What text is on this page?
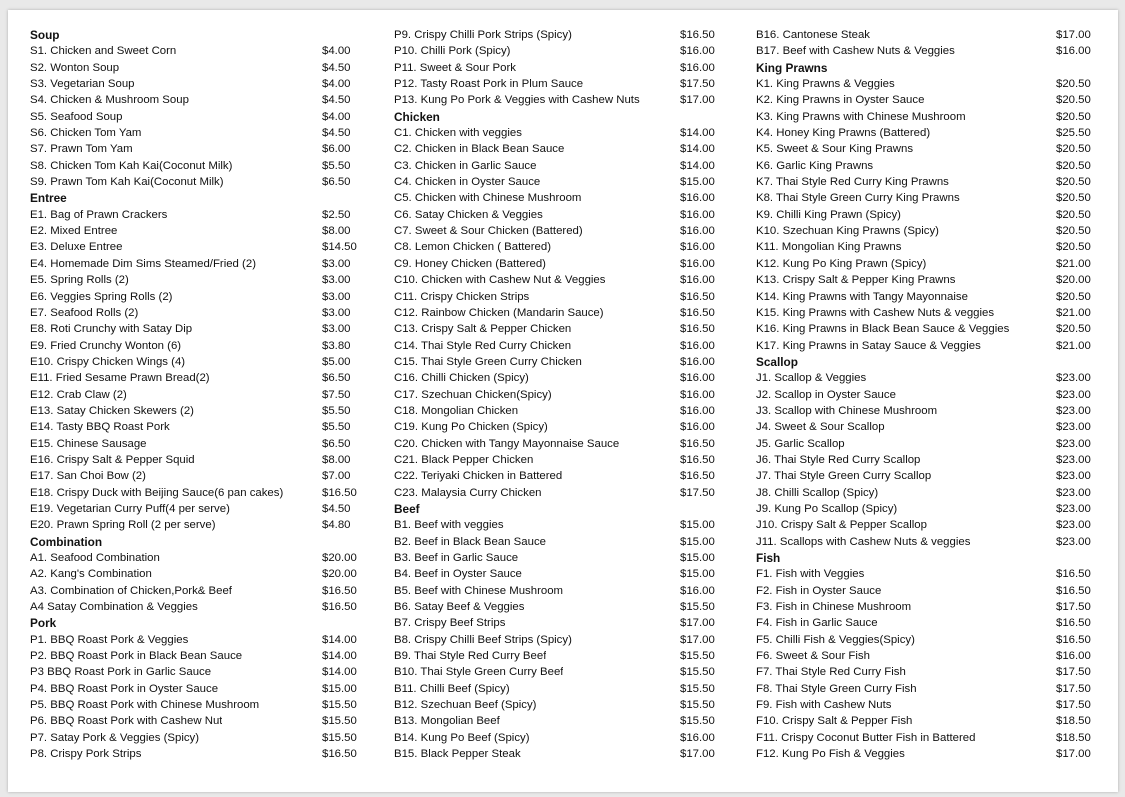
Soup
S1. Chicken and Sweet Corn	$4.00
S2. Wonton Soup	$4.50
S3. Vegetarian Soup	$4.00
S4. Chicken & Mushroom Soup	$4.50
S5. Seafood Soup	$4.00
S6. Chicken Tom Yam	$4.50
S7. Prawn Tom Yam	$6.00
S8. Chicken Tom Kah Kai(Coconut Milk)	$5.50
S9. Prawn Tom Kah Kai(Coconut Milk)	$6.50
Entree
E1. Bag of Prawn Crackers	$2.50
E2. Mixed Entree	$8.00
E3. Deluxe Entree	$14.50
E4. Homemade Dim Sims Steamed/Fried (2)	$3.00
E5. Spring Rolls (2)	$3.00
E6. Veggies Spring Rolls (2)	$3.00
E7. Seafood Rolls (2)	$3.00
E8. Roti Crunchy with Satay Dip	$3.00
E9. Fried Crunchy Wonton (6)	$3.80
E10. Crispy Chicken Wings (4)	$5.00
E11. Fried Sesame Prawn Bread(2)	$6.50
E12. Crab Claw (2)	$7.50
E13. Satay Chicken Skewers (2)	$5.50
E14. Tasty BBQ Roast Pork	$5.50
E15. Chinese Sausage	$6.50
E16. Crispy Salt & Pepper Squid	$8.00
E17. San Choi Bow (2)	$7.00
E18. Crispy Duck with Beijing Sauce(6 pan cakes)	$16.50
E19. Vegetarian Curry Puff(4 per serve)	$4.50
E20. Prawn Spring Roll (2 per serve)	$4.80
Combination
A1. Seafood Combination	$20.00
A2. Kang's Combination	$20.00
A3. Combination of Chicken,Pork& Beef	$16.50
A4 Satay Combination & Veggies	$16.50
Pork
P1. BBQ Roast Pork & Veggies	$14.00
P2. BBQ Roast Pork in Black Bean Sauce	$14.00
P3 BBQ Roast Pork in Garlic Sauce	$14.00
P4. BBQ Roast Pork in Oyster Sauce	$15.00
P5. BBQ Roast Pork with Chinese Mushroom	$15.50
P6. BBQ Roast Pork with Cashew Nut	$15.50
P7. Satay Pork & Veggies (Spicy)	$15.50
P8. Crispy Pork Strips	$16.50
P9. Crispy Chilli Pork Strips (Spicy)	$16.50
P10. Chilli Pork (Spicy)	$16.00
P11. Sweet & Sour Pork	$16.00
P12. Tasty Roast Pork in Plum Sauce	$17.50
P13. Kung Po Pork & Veggies with Cashew Nuts	$17.00
Chicken
C1. Chicken with veggies	$14.00
C2. Chicken in Black Bean Sauce	$14.00
C3. Chicken in Garlic Sauce	$14.00
C4. Chicken in Oyster Sauce	$15.00
C5. Chicken with Chinese Mushroom	$16.00
C6. Satay Chicken & Veggies	$16.00
C7. Sweet & Sour Chicken (Battered)	$16.00
C8. Lemon Chicken ( Battered)	$16.00
C9. Honey Chicken (Battered)	$16.00
C10. Chicken with Cashew Nut & Veggies	$16.00
C11. Crispy Chicken Strips	$16.50
C12. Rainbow Chicken (Mandarin Sauce)	$16.50
C13. Crispy Salt & Pepper Chicken	$16.50
C14. Thai Style Red Curry Chicken	$16.00
C15. Thai Style Green Curry Chicken	$16.00
C16. Chilli Chicken (Spicy)	$16.00
C17. Szechuan Chicken(Spicy)	$16.00
C18. Mongolian Chicken	$16.00
C19. Kung Po Chicken (Spicy)	$16.00
C20. Chicken with Tangy Mayonnaise Sauce	$16.50
C21. Black Pepper Chicken	$16.50
C22. Teriyaki Chicken in Battered	$16.50
C23. Malaysia Curry Chicken	$17.50
Beef
B1. Beef with veggies	$15.00
B2. Beef in Black Bean Sauce	$15.00
B3. Beef in Garlic Sauce	$15.00
B4. Beef in Oyster Sauce	$15.00
B5. Beef with Chinese Mushroom	$16.00
B6. Satay Beef & Veggies	$15.50
B7. Crispy Beef Strips	$17.00
B8. Crispy Chilli Beef Strips (Spicy)	$17.00
B9. Thai Style Red Curry Beef	$15.50
B10. Thai Style Green Curry Beef	$15.50
B11. Chilli Beef (Spicy)	$15.50
B12. Szechuan Beef (Spicy)	$15.50
B13. Mongolian Beef	$15.50
B14. Kung Po Beef (Spicy)	$16.00
B15. Black Pepper Steak	$17.00
B16. Cantonese Steak	$17.00
B17. Beef with Cashew Nuts & Veggies	$16.00
King Prawns
K1. King Prawns & Veggies	$20.50
K2. King Prawns in Oyster Sauce	$20.50
K3. King Prawns with Chinese Mushroom	$20.50
K4. Honey King Prawns (Battered)	$25.50
K5. Sweet & Sour King Prawns	$20.50
K6. Garlic King Prawns	$20.50
K7. Thai Style Red Curry King Prawns	$20.50
K8. Thai Style Green Curry King Prawns	$20.50
K9. Chilli King Prawn (Spicy)	$20.50
K10. Szechuan King Prawns (Spicy)	$20.50
K11. Mongolian King Prawns	$20.50
K12. Kung Po King Prawn (Spicy)	$21.00
K13. Crispy Salt & Pepper King Prawns	$20.00
K14. King Prawns with Tangy Mayonnaise	$20.50
K15. King Prawns with Cashew Nuts & veggies	$21.00
K16. King Prawns in Black Bean Sauce & Veggies	$20.50
K17. King Prawns in Satay Sauce & Veggies	$21.00
Scallop
J1. Scallop & Veggies	$23.00
J2. Scallop in Oyster Sauce	$23.00
J3. Scallop with Chinese Mushroom	$23.00
J4. Sweet & Sour Scallop	$23.00
J5. Garlic Scallop	$23.00
J6. Thai Style Red Curry Scallop	$23.00
J7. Thai Style Green Curry Scallop	$23.00
J8. Chilli Scallop (Spicy)	$23.00
J9. Kung Po Scallop (Spicy)	$23.00
J10. Crispy Salt & Pepper Scallop	$23.00
J11. Scallops with Cashew Nuts & veggies	$23.00
Fish
F1. Fish with Veggies	$16.50
F2. Fish in Oyster Sauce	$16.50
F3. Fish in Chinese Mushroom	$17.50
F4. Fish in Garlic Sauce	$16.50
F5. Chilli Fish & Veggies(Spicy)	$16.50
F6. Sweet & Sour Fish	$16.00
F7. Thai Style Red Curry Fish	$17.50
F8. Thai Style Green Curry Fish	$17.50
F9. Fish with Cashew Nuts	$17.50
F10. Crispy Salt & Pepper Fish	$18.50
F11. Crispy Coconut Butter Fish in Battered	$18.50
F12. Kung Po Fish & Veggies	$17.00
